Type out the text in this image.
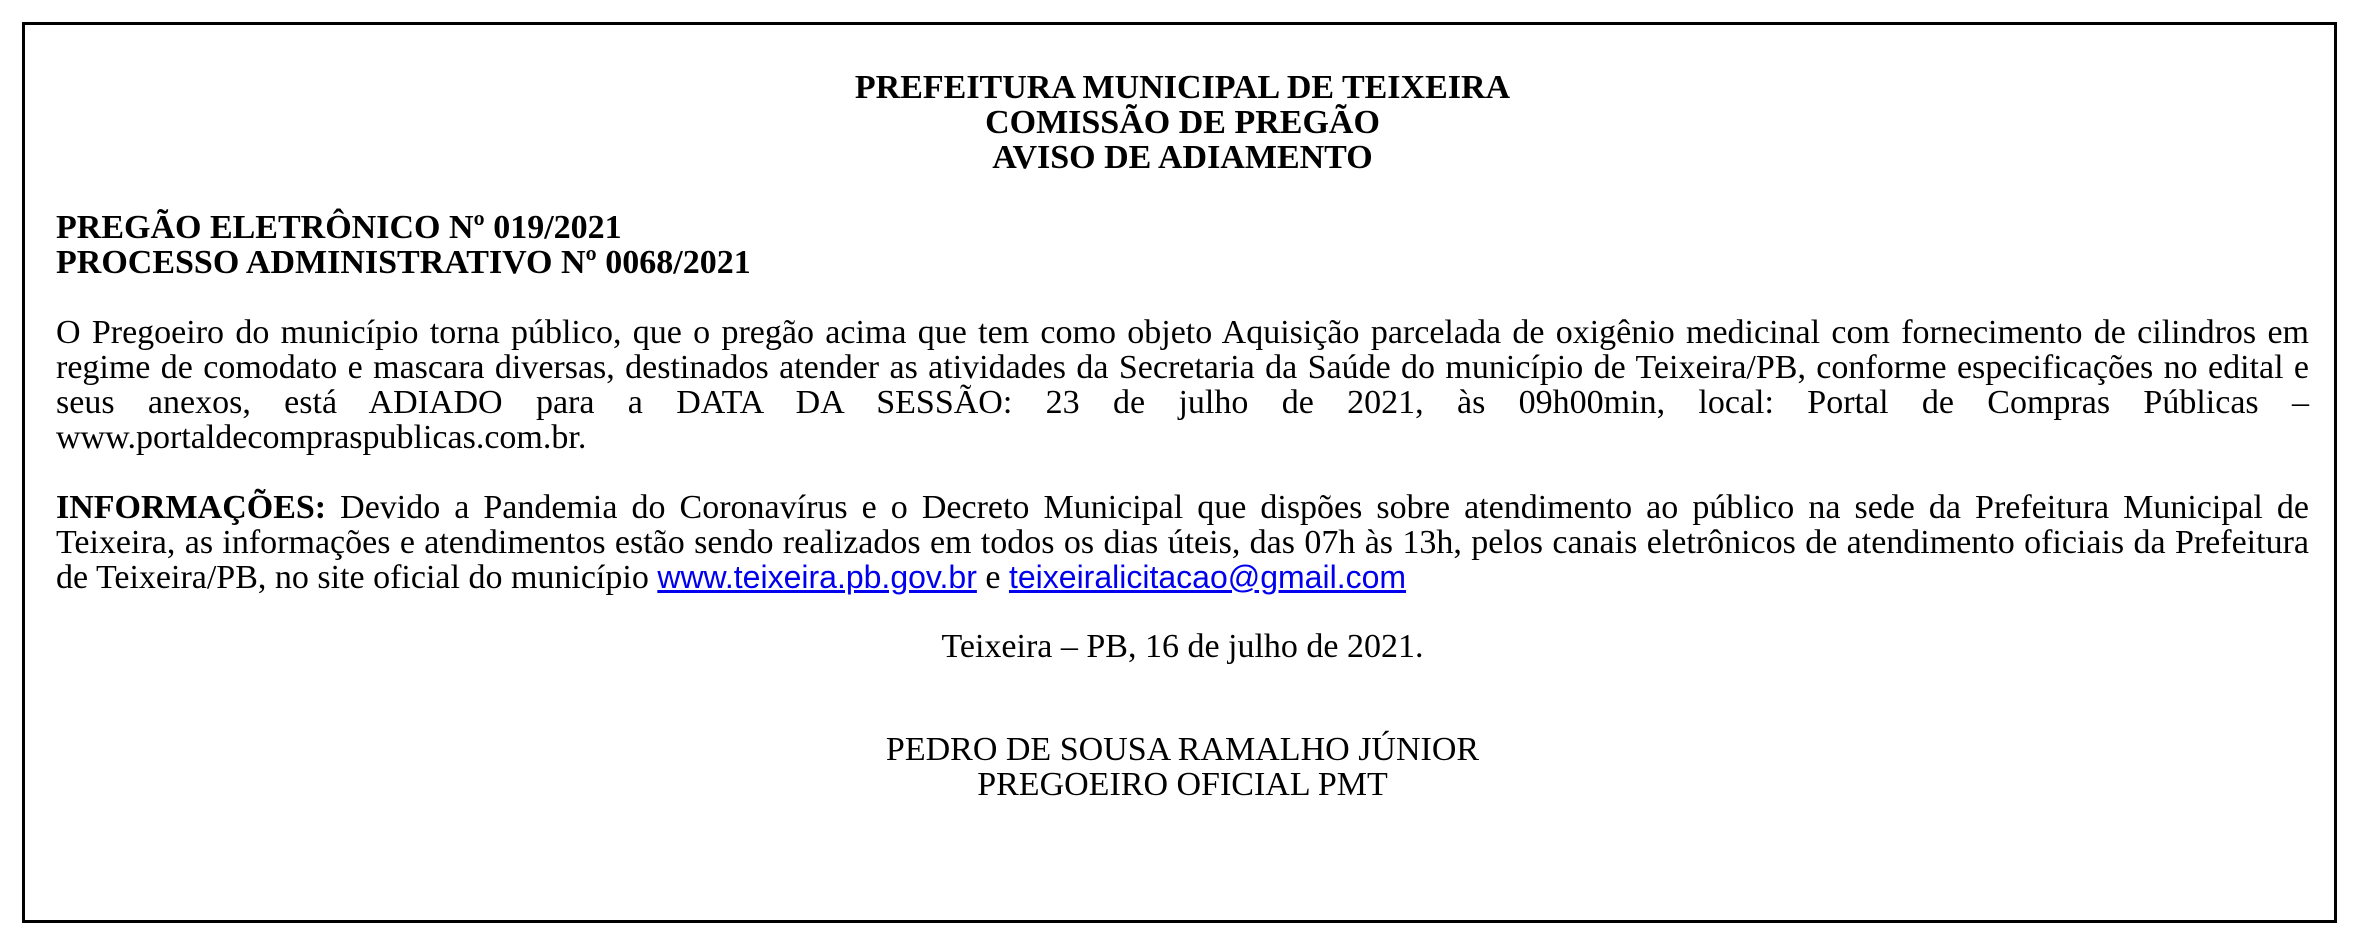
PREFEITURA MUNICIPAL DE TEIXEIRA
COMISSÃO DE PREGÃO
AVISO DE ADIAMENTO
PREGÃO ELETRÔNICO Nº 019/2021
PROCESSO ADMINISTRATIVO Nº 0068/2021

O Pregoeiro do município torna público, que o pregão acima que tem como objeto Aquisição parcelada de oxigênio medicinal com fornecimento de cilindros em regime de comodato e mascara diversas, destinados atender as atividades da Secretaria da Saúde do município de Teixeira/PB, conforme especificações no edital e seus anexos, está ADIADO para a DATA DA SESSÃO: 23 de julho de 2021, às 09h00min, local: Portal de Compras Públicas – www.portaldecompraspublicas.com.br.

INFORMAÇÕES: Devido a Pandemia do Coronavírus e o Decreto Municipal que dispões sobre atendimento ao público na sede da Prefeitura Municipal de Teixeira, as informações e atendimentos estão sendo realizados em todos os dias úteis, das 07h às 13h, pelos canais eletrônicos de atendimento oficiais da Prefeitura de Teixeira/PB, no site oficial do município www.teixeira.pb.gov.br e teixeiralicitacao@gmail.com

Teixeira – PB, 16 de julho de 2021.
PEDRO DE SOUSA RAMALHO JÚNIOR
PREGOEIRO OFICIAL PMT
